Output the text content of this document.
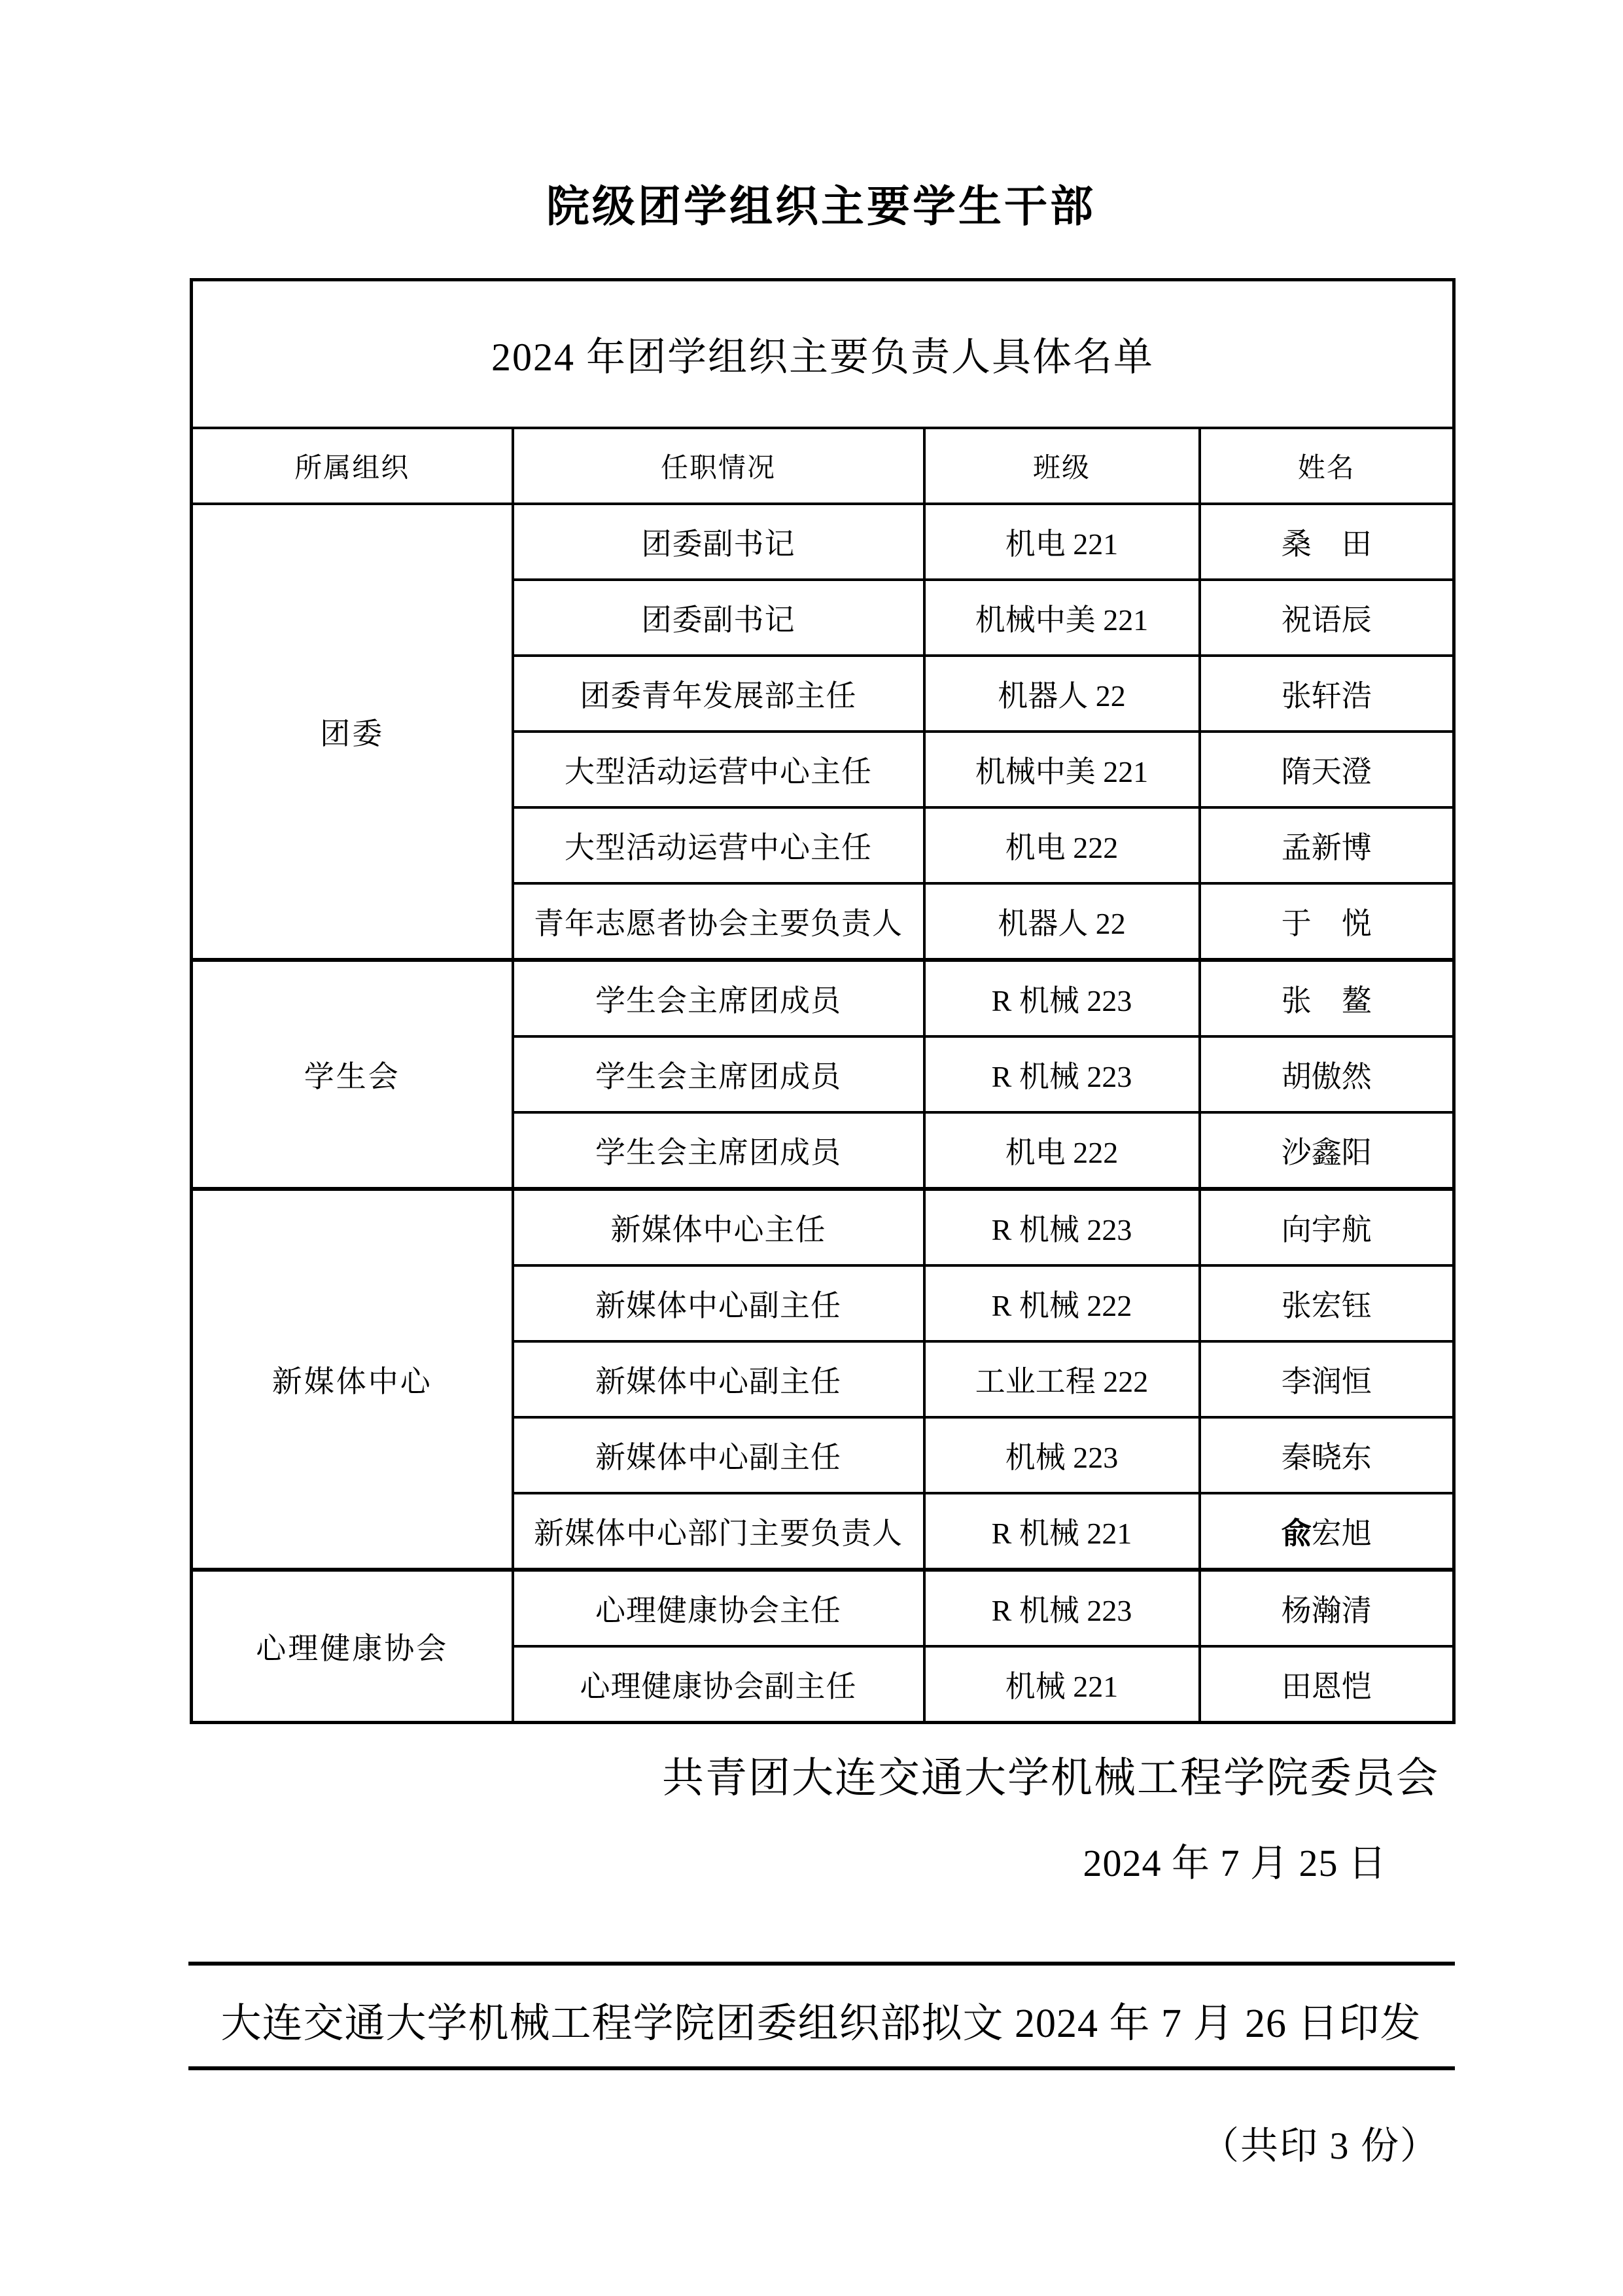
院级团学组织主要学生干部
2024 年团学组织主要负责人具体名单			
所属组织	任职情况	班级	姓名
团委	团委副书记	机电 221	桑　田
	团委副书记	机械中美 221	祝语辰
	团委青年发展部主任	机器人 22	张轩浩
	大型活动运营中心主任	机械中美 221	隋天澄
	大型活动运营中心主任	机电 222	孟新博
	青年志愿者协会主要负责人	机器人 22	于　悦
学生会	学生会主席团成员	R 机械 223	张　鳌
	学生会主席团成员	R 机械 223	胡傲然
	学生会主席团成员	机电 222	沙鑫阳
新媒体中心	新媒体中心主任	R 机械 223	向宇航
	新媒体中心副主任	R 机械 222	张宏钰
	新媒体中心副主任	工业工程 222	李润恒
	新媒体中心副主任	机械 223	秦晓东
	新媒体中心部门主要负责人	R 机械 221	兪宏旭
心理健康协会	心理健康协会主任	R 机械 223	杨瀚清
	心理健康协会副主任	机械 221	田恩恺
共青团大连交通大学机械工程学院委员会
2024 年 7 月 25 日
大连交通大学机械工程学院团委组织部拟文 2024 年 7 月 26 日印发
（共印 3 份）
